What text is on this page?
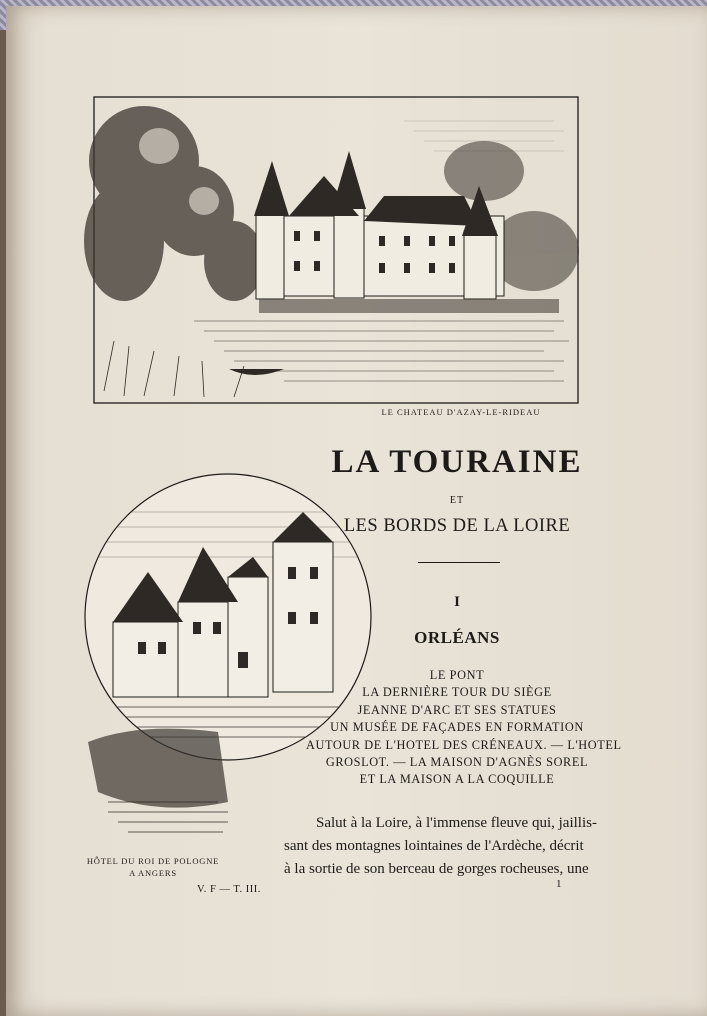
LE CHATEAU D'AZAY-LE-RIDEAU
LA TOURAINE
ET
LES BORDS DE LA LOIRE
I
ORLÉANS
LE PONT
LA DERNIÈRE TOUR DU SIÈGE
JEANNE D'ARC ET SES STATUES
UN MUSÉE DE FAÇADES EN FORMATION
AUTOUR DE L'HOTEL DES CRÉNEAUX. — L'HOTEL
GROSLOT. — LA MAISON D'AGNÈS SOREL
ET LA MAISON A LA COQUILLE
HÔTEL DU ROI DE POLOGNE
A ANGERS
Salut à la Loire, à l'immense fleuve qui, jaillis-
sant des montagnes lointaines de l'Ardèche, décrit
à la sortie de son berceau de gorges rocheuses, une
V. F — T. III.	1
